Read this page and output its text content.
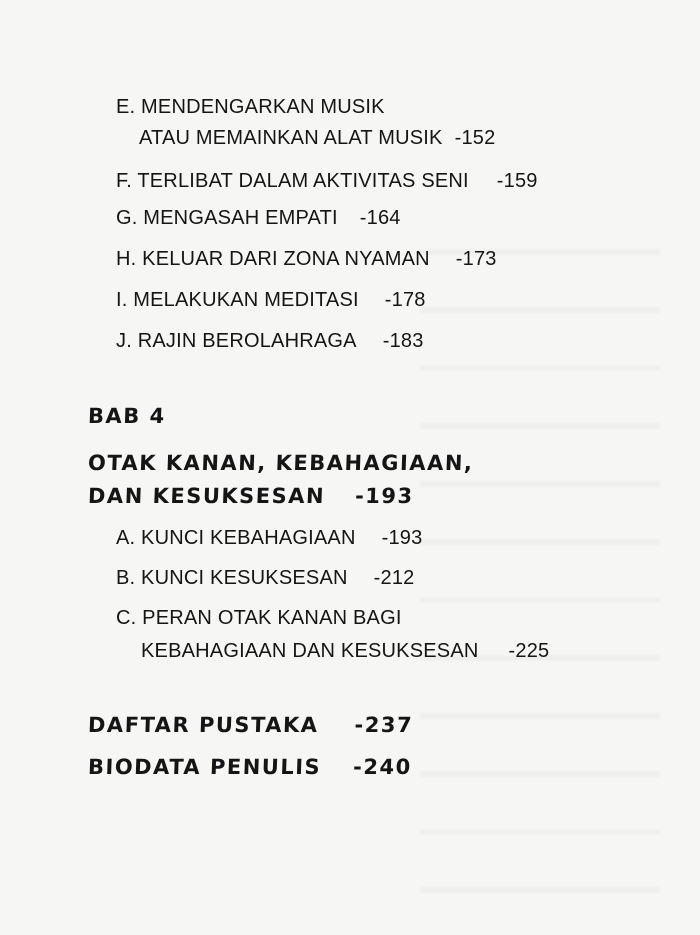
E. MENDENGARKAN MUSIK
ATAU MEMAINKAN ALAT MUSIK -152
F. TERLIBAT DALAM AKTIVITAS SENI -159
G. MENGASAH EMPATI -164
H. KELUAR DARI ZONA NYAMAN -173
I. MELAKUKAN MEDITASI -178
J. RAJIN BEROLAHRAGA -183
BAB 4
OTAK KANAN, KEBAHAGIAAN,
DAN KESUKSESAN -193
A. KUNCI KEBAHAGIAAN -193
B. KUNCI KESUKSESAN -212
C. PERAN OTAK KANAN BAGI
KEBAHAGIAAN DAN KESUKSESAN -225
DAFTAR PUSTAKA -237
BIODATA PENULIS -240
